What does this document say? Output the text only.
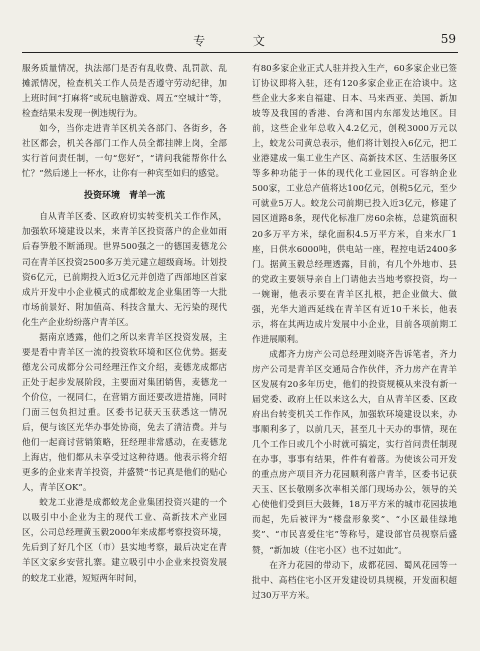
专 文	59

服务质量情况，执法部门是否有乱收费、乱罚款、乱摊派情况，检查机关工作人员是否遵守劳动纪律，加上班时间“打麻将”或玩电脑游戏、周五“空城计”等，检查结果未发现一例违规行为。

如今，当你走进青羊区机关各部门、各街乡，各社区都会，机关各部门工作人员全都挂牌上岗，全部实行首问责任制，一句“您好”，“请问我能帮你什么忙？”然后递上一杯水，让你有一种宾至如归的感觉。

投资环境　青羊一流

自从青羊区委、区政府切实转变机关工作作风，加强软环境建设以来，来青羊区投资落户的企业如雨后春笋般不断涌现。世界500强之一的德国麦德龙公司在青羊区投资2500多万美元建立超级商场。计划投资6亿元，已前期投入近3亿元并创造了西部地区首家成片开发中小企业模式的成都蛟龙企业集团等一大批市场前景好、附加值高、科技含量大、无污染的现代化生产企业纷纷落户青羊区。

据南京透露，他们之所以来青羊区投资发展，主要是看中青羊区一流的投资软环境和区位优势。据麦德龙公司成都分公司经理汪作文介绍，麦德龙成都店正处于起步发展阶段，主要面对集团销售，麦德龙一个价位，一视同仁，在营销方面还要改进措施，同时门面三包负担过重。区委书记获天玉获悉这一情况后，便与该区光华办事处协商，免去了清洁费。并与他们一起商讨营销策略，狂经理非常感动，在麦德龙上海店，他们都从未享受过这种待遇。他表示将介绍更多的企业来青羊投资，并盛赞“书记真是他们的贴心人，青羊区OK”。

蛟龙工业港是成都蛟龙企业集团投资兴建的一个以吸引中小企业为主的现代工业、高新技术产业园区，公司总经理黄玉毅2000年来成都考察投资环境，先后到了好几个区（市）县实地考察，最后决定在青羊区文家乡安营扎寨。建立吸引中小企业来投资发展的蛟龙工业港，短短两年时间，

有80多家企业正式人驻并投入生产，60多家企业已签订协议即将入驻，还有120多家企业正在洽谈中。这些企业大多来自福建、日本、马来西亚、美国、新加坡等及我国的香港、台湾和国内东部发达地区。目前，这些企业年总收入4.2亿元，创税3000万元以上，蛟龙公司黄总表示，他们将计划投入6亿元，把工业港建成一集工业生产区、高新技术区、生活服务区等多种功能于一体的现代化工业园区。可容纳企业500家，工业总产值将达100亿元，创税5亿元，至少可就业5万人。蛟龙公司前期已投入近3亿元，修建了园区道路8条，现代化标准厂房60余栋，总建筑面积20多万平方米，绿化面积4.5万平方米，自来水厂1座，日供水6000吨，供电站一座，程控电话2400多门。据黄玉毅总经理透露，目前，有几个外地市、县的党政主要领导亲自上门请他去当地考察投资，均一一婉谢，他表示要在青羊区扎根，把企业做大、做强，光华大道西延线在青羊区有近10千米长，他表示，将在其两边成片发展中小企业，目前各项前期工作进展顺利。

成都齐力房产公司总经理刘晓齐告诉笔者，齐力房产公司是青羊区交通局合作伙伴，齐力房产在青羊区发展有20多年历史，他们的投资规模从来没有新一届党委、政府上任以来这么大，自从青羊区委、区政府出台转变机关工作作风，加强软环境建设以来，办事顺利多了，以前几天，甚至几十天办的事情，现在几个工作日或几个小时就可搞定，实行首问责任制现在办事，事事有结果，件件有着落。为使该公司开发的重点房产项目齐力花园顺利落户青羊，区委书记获天玉、区长敬刚多次率相关部门现场办公，领导的关心使他们受到巨大鼓舞，18万平方米的城市花园拔地而起，先后被评为“楼盘形象奖”、“小区最佳绿地奖”、“市民喜爱住宅”等称号，建设部官员视察后盛赞，“新加坡（住宅小区）也不过如此”。

在齐力花园的带动下，成都花园、蜀风花园等一批中、高档住宅小区开发建设切具规模，开发面积超过30万平方米。
